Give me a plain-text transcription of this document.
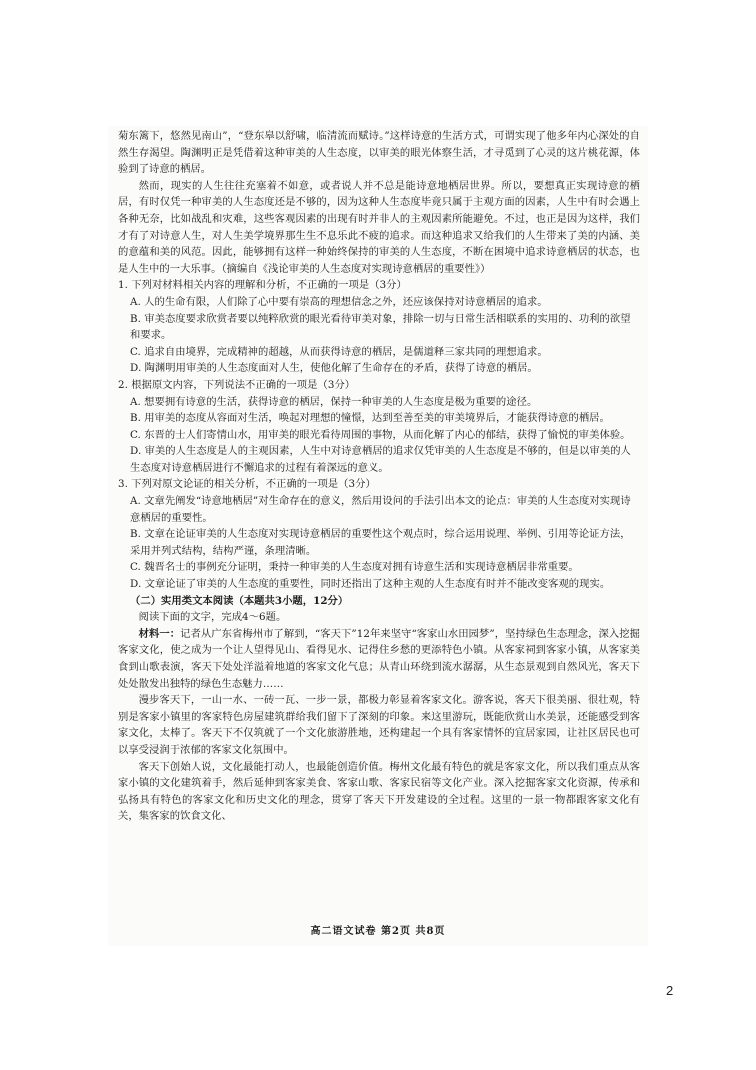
菊东篱下，悠然见南山”，“登东皋以舒啸，临清流而赋诗。”这样诗意的生活方式，可谓实现了他多年内心深处的自然生存渴望。陶渊明正是凭借着这种审美的人生态度，以审美的眼光体察生活，才寻觅到了心灵的这片桃花源，体验到了诗意的栖居。

然而，现实的人生往往充塞着不如意，或者说人并不总是能诗意地栖居世界。所以，要想真正实现诗意的栖居，有时仅凭一种审美的人生态度还是不够的，因为这种人生态度毕竟只属于主观方面的因素，人生中有时会遇上各种无奈，比如战乱和灾难，这些客观因素的出现有时并非人的主观因素所能避免。不过，也正是因为这样，我们才有了对诗意人生，对人生美学境界那生生不息乐此不疲的追求。而这种追求又给我们的人生带来了美的内涵、美的意蕴和美的风范。因此，能够拥有这样一种始终保持的审美的人生态度，不断在困境中追求诗意栖居的状态，也是人生中的一大乐事。（摘编自《浅论审美的人生态度对实现诗意栖居的重要性》）

1. 下列对材料相关内容的理解和分析，不正确的一项是（3分）

A. 人的生命有限，人们除了心中要有崇高的理想信念之外，还应该保持对诗意栖居的追求。

B. 审美态度要求欣赏者要以纯粹欣赏的眼光看待审美对象，排除一切与日常生活相联系的实用的、功利的欲望和要求。

C. 追求自由境界，完成精神的超越，从而获得诗意的栖居，是儒道释三家共同的理想追求。

D. 陶渊明用审美的人生态度面对人生，使他化解了生命存在的矛盾，获得了诗意的栖居。

2. 根据原文内容，下列说法不正确的一项是（3分）

A. 想要拥有诗意的生活，获得诗意的栖居，保持一种审美的人生态度是极为重要的途径。

B. 用审美的态度从容面对生活，唤起对理想的憧憬，达到至善至美的审美境界后，才能获得诗意的栖居。

C. 东晋的士人们寄情山水，用审美的眼光看待周围的事物，从而化解了内心的郁结，获得了愉悦的审美体验。

D. 审美的人生态度是人的主观因素，人生中对诗意栖居的追求仅凭审美的人生态度是不够的，但是以审美的人生态度对诗意栖居进行不懈追求的过程有着深远的意义。

3. 下列对原文论证的相关分析，不正确的一项是（3分）

A. 文章先阐发“诗意地栖居”对生命存在的意义，然后用设问的手法引出本文的论点：审美的人生态度对实现诗意栖居的重要性。

B. 文章在论证审美的人生态度对实现诗意栖居的重要性这个观点时，综合运用说理、举例、引用等论证方法，采用并列式结构，结构严谨，条理清晰。

C. 魏晋名士的事例充分证明，秉持一种审美的人生态度对拥有诗意生活和实现诗意栖居非常重要。

D. 文章论证了审美的人生态度的重要性，同时还指出了这种主观的人生态度有时并不能改变客观的现实。

（二）实用类文本阅读（本题共3小题，12分）

阅读下面的文字，完成4～6题。

材料一：记者从广东省梅州市了解到，“客天下”12年来坚守“客家山水田园梦”，坚持绿色生态理念，深入挖掘客家文化，使之成为一个让人望得见山、看得见水、记得住乡愁的更添特色小镇。从客家祠到客家小镇，从客家美食到山歌表演，客天下处处洋溢着地道的客家文化气息；从青山环绕到流水潺潺，从生态景观到自然风光，客天下处处散发出独特的绿色生态魅力……

漫步客天下，一山一水、一砖一瓦、一步一景，都极力彰显着客家文化。游客说，客天下很美丽、很壮观，特别是客家小镇里的客家特色房屋建筑群给我们留下了深刻的印象。来这里游玩，既能欣赏山水美景，还能感受到客家文化，太棒了。客天下不仅筑就了一个文化旅游胜地，还构建起一个具有客家情怀的宜居家园，让社区居民也可以享受浸润于浓郁的客家文化氛围中。

客天下创始人说，文化最能打动人，也最能创造价值。梅州文化最有特色的就是客家文化，所以我们重点从客家小镇的文化建筑着手，然后延伸到客家美食、客家山歌、客家民宿等文化产业。深入挖掘客家文化资源，传承和弘扬具有特色的客家文化和历史文化的理念，贯穿了客天下开发建设的全过程。这里的一景一物都跟客家文化有关，集客家的饮食文化、

高二语文试卷 第2页 共8页
2
